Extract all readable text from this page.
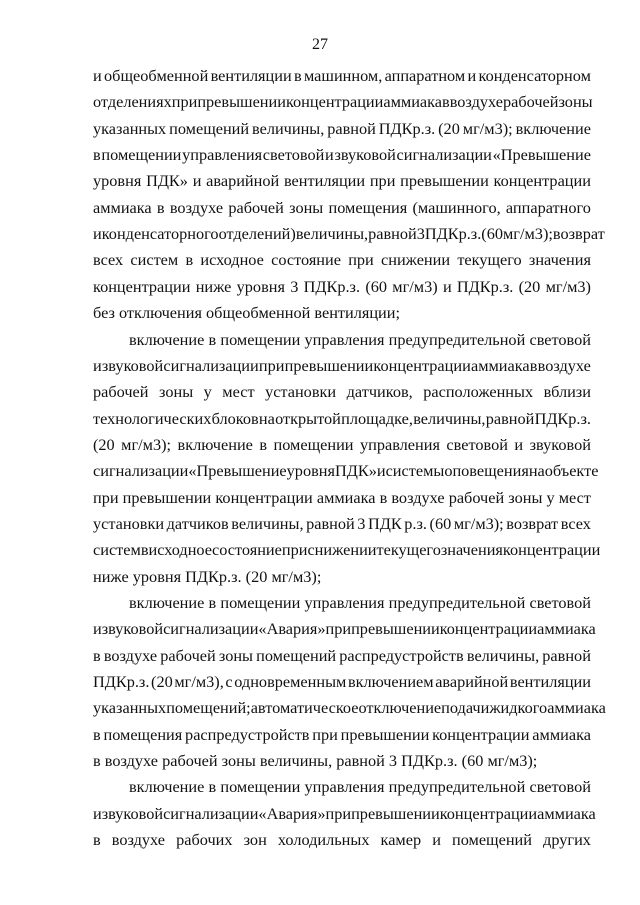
27
и общеобменной вентиляции в машинном, аппаратном и конденсаторном
отделениях при превышении концентрации аммиака в воздухе рабочей зоны
указанных помещений величины, равной ПДКр.з. (20 мг/м3); включение
в помещении управления световой и звуковой сигнализации «Превышение
уровня ПДК» и аварийной вентиляции при превышении концентрации
аммиака в воздухе рабочей зоны помещения (машинного, аппаратного
и конденсаторного отделений) величины, равной 3 ПДКр.з.(60 мг/м3); возврат
всех систем в исходное состояние при снижении текущего значения
концентрации ниже уровня 3 ПДКр.з. (60 мг/м3) и ПДКр.з. (20 мг/м3)
без отключения общеобменной вентиляции;
включение в помещении управления предупредительной световой
и звуковой сигнализации при превышении концентрации аммиака в воздухе
рабочей зоны у мест установки датчиков, расположенных вблизи
технологических блоков на открытой площадке, величины, равной ПДКр.з.
(20 мг/м3); включение в помещении управления световой и звуковой
сигнализации «Превышение уровня ПДК» и системы оповещения на объекте
при превышении концентрации аммиака в воздухе рабочей зоны у мест
установки датчиков величины, равной 3 ПДК р.з. (60 мг/м3); возврат всех
систем в исходное состояние при снижении текущего значения концентрации
ниже уровня ПДКр.з. (20 мг/м3);
включение в помещении управления предупредительной световой
и звуковой сигнализации «Авария» при превышении концентрации аммиака
в воздухе рабочей зоны помещений распредустройств величины, равной
ПДКр.з. (20 мг/м3), с одновременным включением аварийной вентиляции
указанных помещений; автоматическое отключение подачи жидкого аммиака
в помещения распредустройств при превышении концентрации аммиака
в воздухе рабочей зоны величины, равной 3 ПДКр.з. (60 мг/м3);
включение в помещении управления предупредительной световой
и звуковой сигнализации «Авария» при превышении концентрации аммиака
в воздухе рабочих зон холодильных камер и помещений других
